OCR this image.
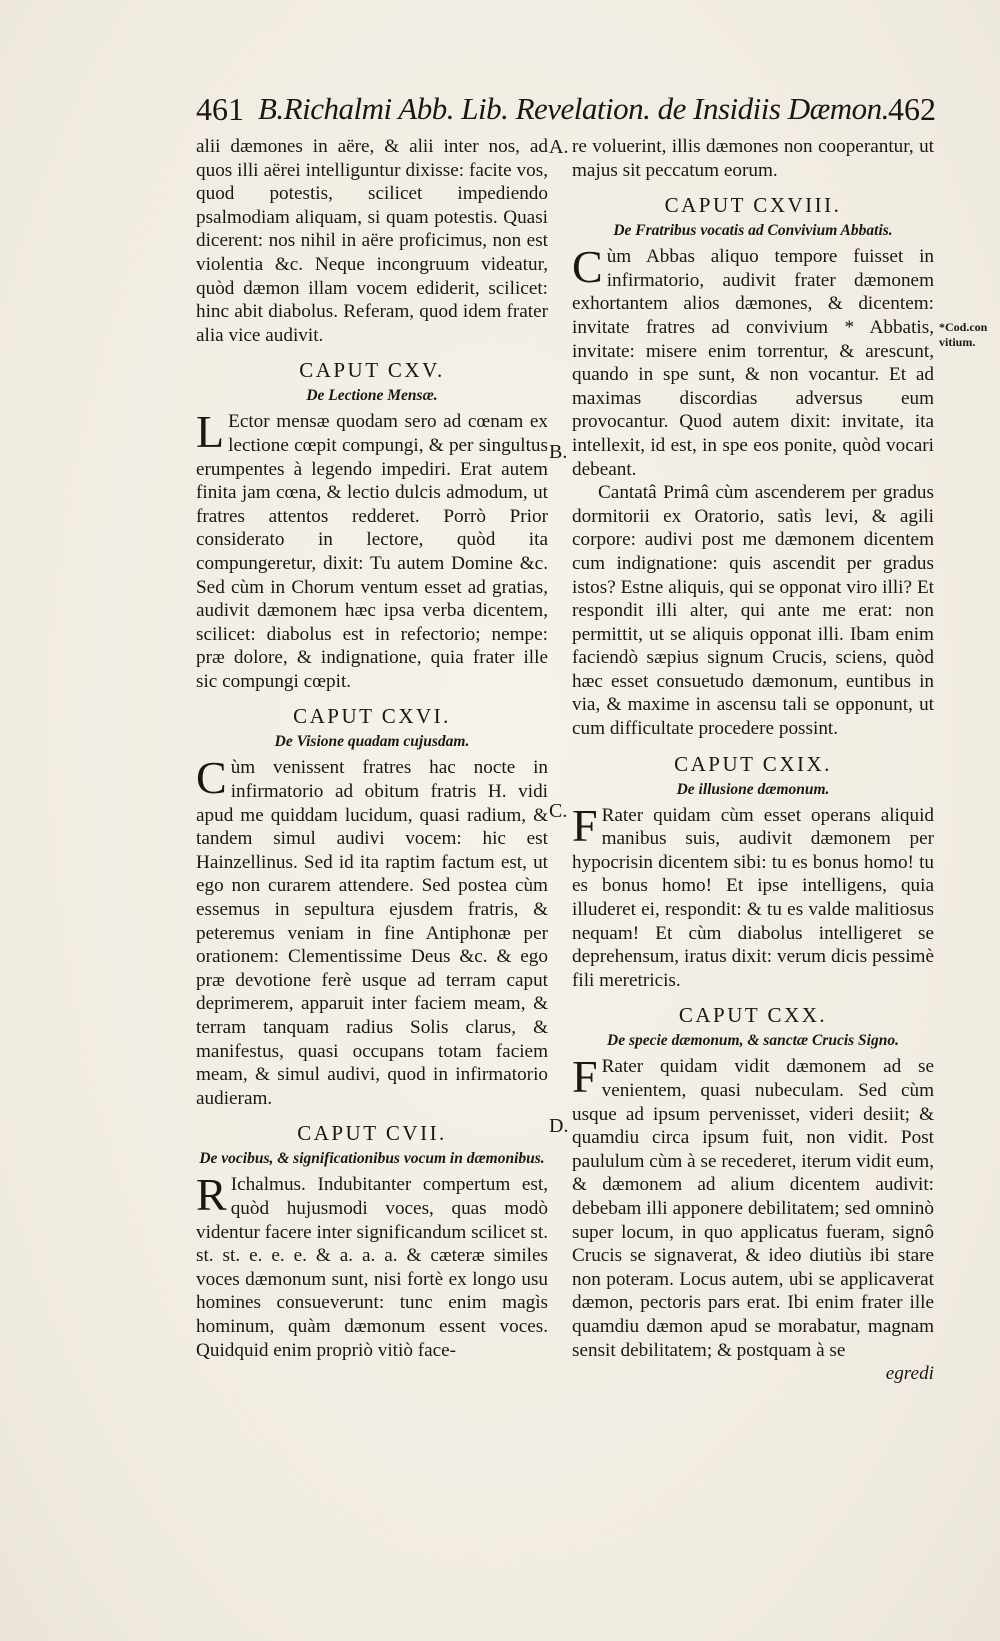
461 B.Richalmi Abb. Lib. Revelation. de Insidiis Dæmon. 462

alii dæmones in aëre, & alii inter nos, ad quos illi aërei intelliguntur dixisse: facite vos, quod potestis, scilicet impediendo psalmodiam aliquam, si quam potestis. Quasi dicerent: nos nihil in aëre proficimus, non est violentia &c. Neque incongruum videatur, quòd dæmon illam vocem ediderit, scilicet: hinc abit diabolus. Referam, quod idem frater alia vice audivit.

CAPUT CXV.
De Lectione Mensæ.

L Ector mensæ quodam sero ad cœnam ex lectione cœpit compungi, & per singultus erumpentes à legendo impediri. Erat autem finita jam cœna, & lectio dulcis admodum, ut fratres attentos redderet. Porrò Prior considerato in lectore, quòd ita compungeretur, dixit: Tu autem Domine &c. Sed cùm in Chorum ventum esset ad gratias, audivit dæmonem hæc ipsa verba dicentem, scilicet: diabolus est in refectorio; nempe: præ dolore, & indignatione, quia frater ille sic compungi cœpit.

CAPUT CXVI.
De Visione quadam cujusdam.

Cùm venissent fratres hac nocte in infirmatorio ad obitum fratris H. vidi apud me quiddam lucidum, quasi radium, & tandem simul audivi vocem: hic est Hainzellinus. Sed id ita raptim factum est, ut ego non curarem attendere. Sed postea cùm essemus in sepultura ejusdem fratris, & peteremus veniam in fine Antiphonæ per orationem: Clementissime Deus &c. & ego præ devotione ferè usque ad terram caput deprimerem, apparuit inter faciem meam, & terram tanquam radius Solis clarus, & manifestus, quasi occupans totam faciem meam, & simul audivi, quod in infirmatorio audieram.

CAPUT CVII.
De vocibus, & significationibus vocum in dæmonibus.

R Ichalmus. Indubitanter compertum est, quòd hujusmodi voces, quas modò videntur facere inter significandum scilicet st. st. st. e. e. e. & a. a. a. & cæteræ similes voces dæmonum sunt, nisi fortè ex longo usu homines consueverunt: tunc enim magìs hominum, quàm dæmonum essent voces. Quidquid enim propriò vitiò face-

re voluerint, illis dæmones non cooperantur, ut majus sit peccatum eorum.

CAPUT CXVIII.
De Fratribus vocatis ad Convivium Abbatis.

Cùm Abbas aliquo tempore fuisset in infirmatorio, audivit frater dæmonem exhortantem alios dæmones, & dicentem: invitate fratres ad convivium * Abbatis, invitate: misere enim torrentur, & arescunt, quando in spe sunt, & non vocantur. Et ad maximas discordias adversus eum provocantur. Quod autem dixit: invitate, ita intellexit, id est, in spe eos ponite, quòd vocari debeant.

Cantatâ Primâ cùm ascenderem per gradus dormitorii ex Oratorio, satìs levi, & agili corpore: audivi post me dæmonem dicentem cum indignatione: quis ascendit per gradus istos? Estne aliquis, qui se opponat viro illi? Et respondit illi alter, qui ante me erat: non permittit, ut se aliquis opponat illi. Ibam enim faciendò sæpius signum Crucis, sciens, quòd hæc esset consuetudo dæmonum, euntibus in via, & maxime in ascensu tali se opponunt, ut cum difficultate procedere possint.

CAPUT CXIX.
De illusione dæmonum.

F Rater quidam cùm esset operans aliquid manibus suis, audivit dæmonem per hypocrisin dicentem sibi: tu es bonus homo! tu es bonus homo! Et ipse intelligens, quia illuderet ei, respondit: & tu es valde malitiosus nequam! Et cùm diabolus intelligeret se deprehensum, iratus dixit: verum dicis pessimè fili meretricis.

CAPUT CXX.
De specie dæmonum, & sanctæ Crucis Signo.

F Rater quidam vidit dæmonem ad se venientem, quasi nubeculam. Sed cùm usque ad ipsum pervenisset, videri desiit; & quamdiu circa ipsum fuit, non vidit. Post paululum cùm à se recederet, iterum vidit eum, & dæmonem ad alium dicentem audivit: debebam illi apponere debilitatem; sed omninò super locum, in quo applicatus fueram, signô Crucis se signaverat, & ideo diutiùs ibi stare non poteram. Locus autem, ubi se applicaverat dæmon, pectoris pars erat. Ibi enim frater ille quamdiu dæmon apud se morabatur, magnam sensit debilitatem; & postquam à se

egredi

A.
B.
C.
D.
*Cod.con
vitium.
